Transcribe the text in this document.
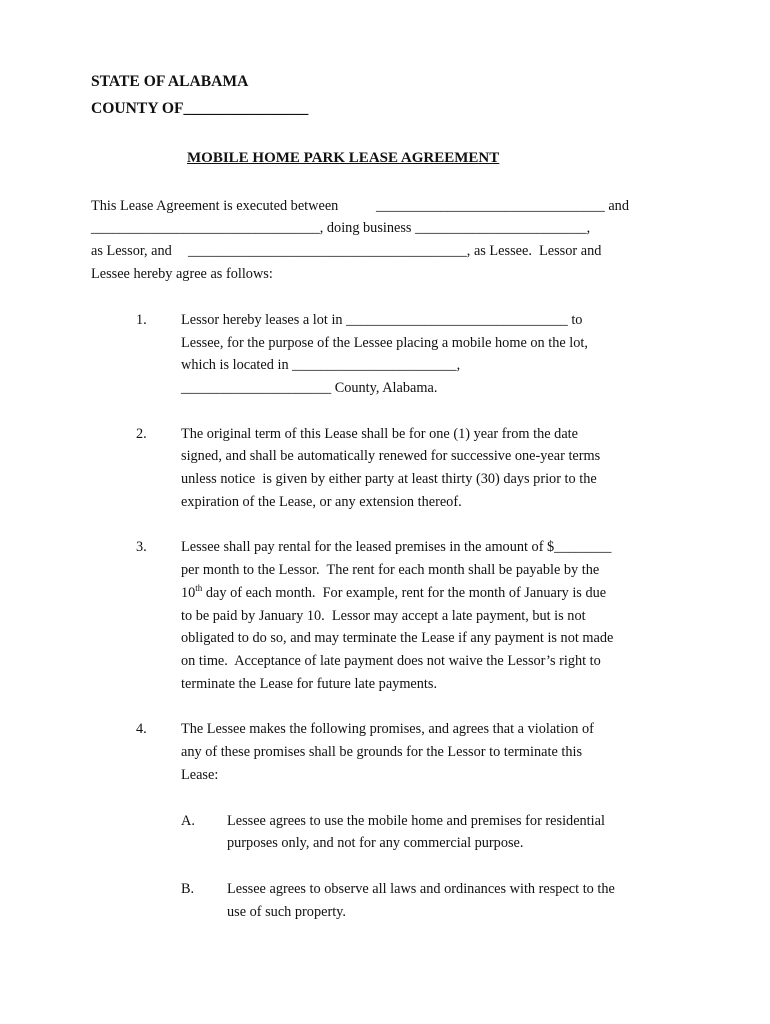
STATE OF ALABAMA
COUNTY OF________________
MOBILE HOME PARK LEASE AGREEMENT
This Lease Agreement is executed between	________________________________ and
________________________________, doing business ________________________,
as Lessor, and _______________________________________, as Lessee.  Lessor and
Lessee hereby agree as follows:
1. Lessor hereby leases a lot in _______________________________ to
Lessee, for the purpose of the Lessee placing a mobile home on the lot,
which is located in _______________________,
_____________________ County, Alabama.
2. The original term of this Lease shall be for one (1) year from the date
signed, and shall be automatically renewed for successive one-year terms
unless notice  is given by either party at least thirty (30) days prior to the
expiration of the Lease, or any extension thereof.
3. Lessee shall pay rental for the leased premises in the amount of $________
per month to the Lessor.  The rent for each month shall be payable by the
10th day of each month.  For example, rent for the month of January is due
to be paid by January 10.  Lessor may accept a late payment, but is not
obligated to do so, and may terminate the Lease if any payment is not made
on time.  Acceptance of late payment does not waive the Lessor’s right to
terminate the Lease for future late payments.
4. The Lessee makes the following promises, and agrees that a violation of
any of these promises shall be grounds for the Lessor to terminate this
Lease:
A. Lessee agrees to use the mobile home and premises for residential
purposes only, and not for any commercial purpose.
B. Lessee agrees to observe all laws and ordinances with respect to the
use of such property.
